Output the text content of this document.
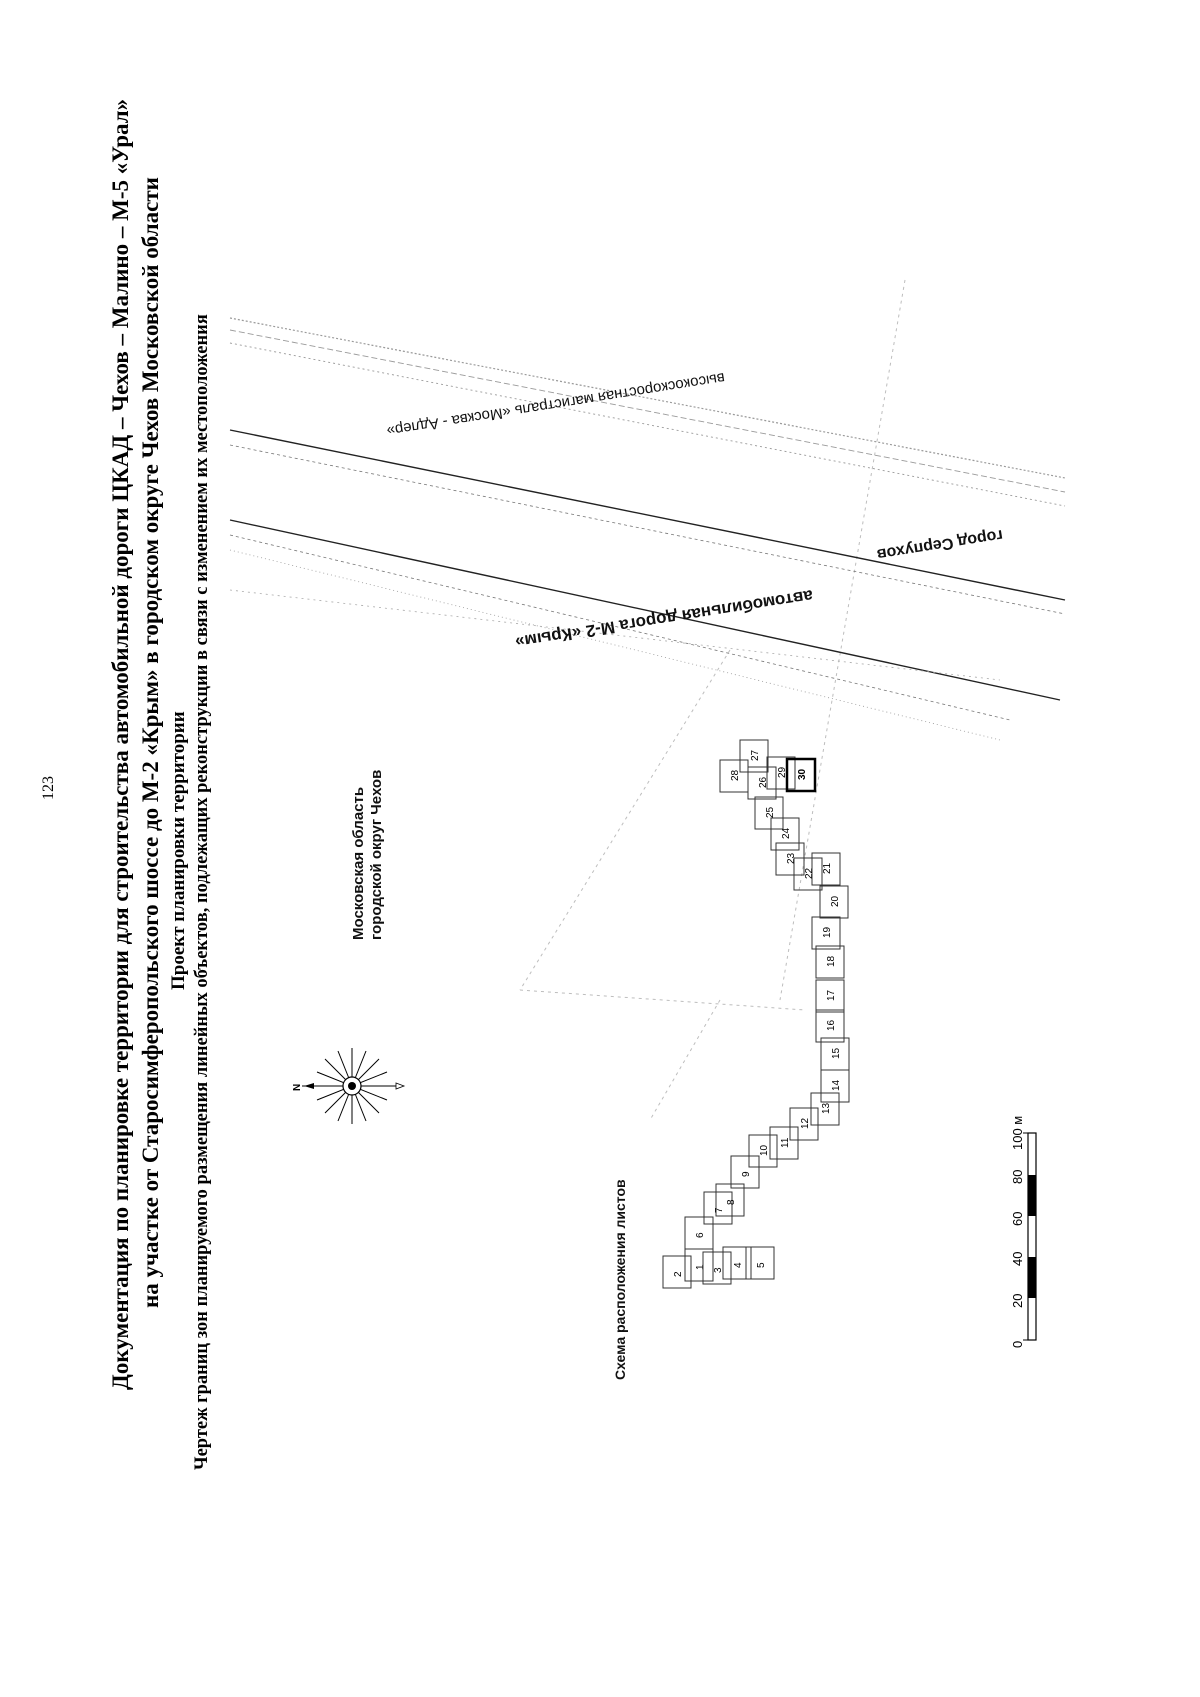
123 Документация по планировке территории для строительства автомобильной дороги ЦКАД – Чехов – Малино – М-5 «Урал» на участке от Старосимферопольского шоссе до М-2 «Крым» в городском округе Чехов Московской области Проект планировки территории Чертеж границ зон планируемого размещения линейных объектов, подлежащих реконструкции в связи с изменением их местоположения	высокоскоростная магистраль «Москва - Адлер»
автомобильная дорога М-2 «Крым»
город Серпухов
Московская область городской округ Чехов
Схема расположения листов
N
1
2
3
4 5
6
7
8
9
10
11
12
13
14
15
16
17
18
19
20
21
22
23
24
25
26
27
28	29 30
0
20
40
60
80
100 м
